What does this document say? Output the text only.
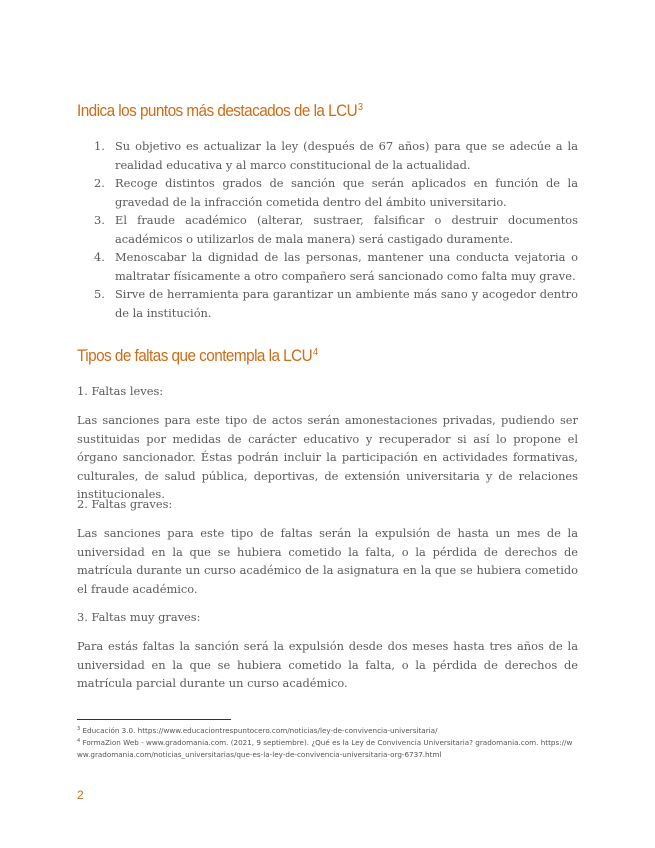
Indica los puntos más destacados de la LCU$^3$
1. Su objetivo es actualizar la ley (después de 67 años) para que se adecúe a la realidad educativa y al marco constitucional de la actualidad.
2. Recoge distintos grados de sanción que serán aplicados en función de la gravedad de la infracción cometida dentro del ámbito universitario.
3. El fraude académico (alterar, sustraer, falsificar o destruir documentos académicos o utilizarlos de mala manera) será castigado duramente.
4. Menoscabar la dignidad de las personas, mantener una conducta vejatoria o maltratar físicamente a otro compañero será sancionado como falta muy grave.
5. Sirve de herramienta para garantizar un ambiente más sano y acogedor dentro de la institución.
Tipos de faltas que contempla la LCU$^4$
1. Faltas leves:

Las sanciones para este tipo de actos serán amonestaciones privadas, pudiendo ser sustituidas por medidas de carácter educativo y recuperador si así lo propone el órgano sancionador. Éstas podrán incluir la participación en actividades formativas, culturales, de salud pública, deportivas, de extensión universitaria y de relaciones institucionales.

2. Faltas graves:

Las sanciones para este tipo de faltas serán la expulsión de hasta un mes de la universidad en la que se hubiera cometido la falta, o la pérdida de derechos de matrícula durante un curso académico de la asignatura en la que se hubiera cometido el fraude académico.

3. Faltas muy graves:

Para estás faltas la sanción será la expulsión desde dos meses hasta tres años de la universidad en la que se hubiera cometido la falta, o la pérdida de derechos de matrícula parcial durante un curso académico.

$^3$ Educación 3.0. https://www.educaciontrespuntocero.com/noticias/ley-de-convivencia-universitaria/
$^4$ FormaZion Web - www.gradomania.com. (2021, 9 septiembre). ¿Qué es la Ley de Convivencia Universitaria? gradomania.com. https://www.gradomania.com/noticias_universitarias/que-es-la-ley-de-convivencia-universitaria-org-6737.html
2
